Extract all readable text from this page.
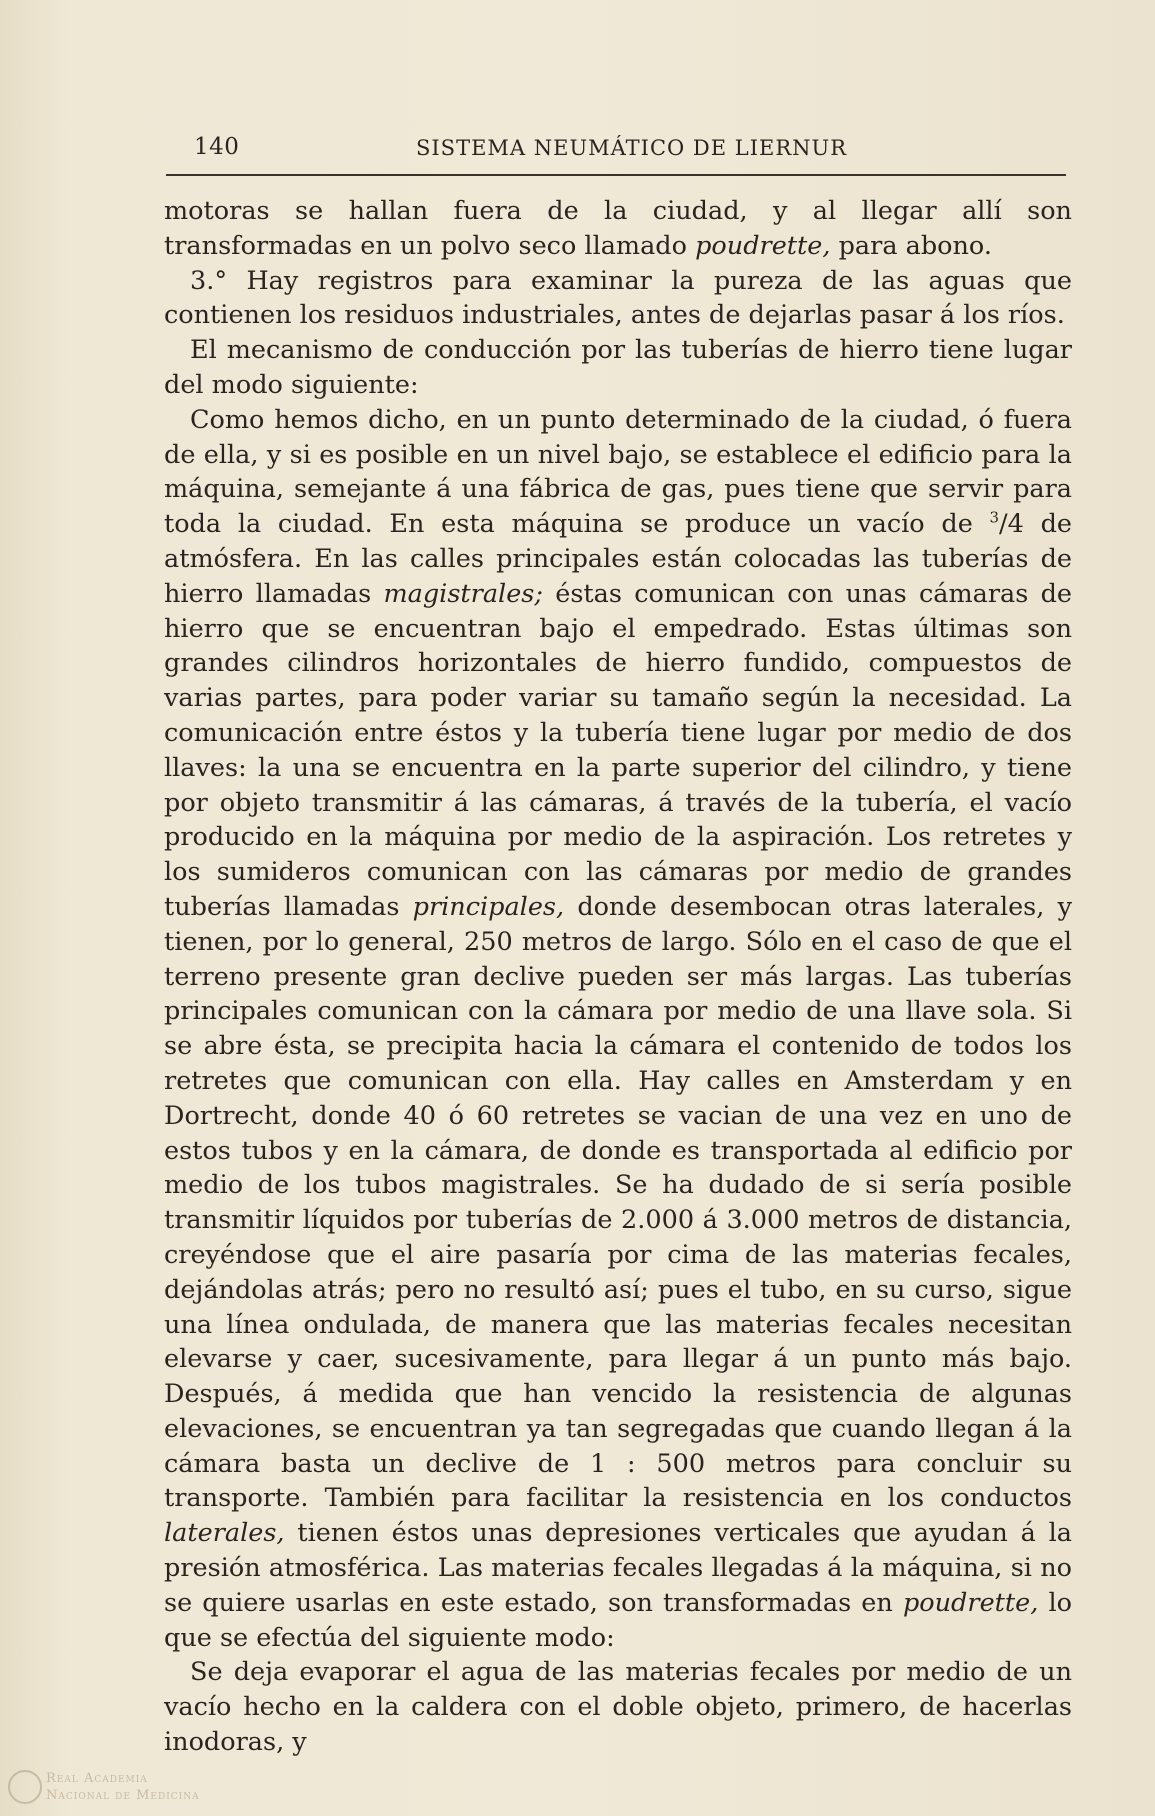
140	SISTEMA NEUMÁTICO DE LIERNUR

motoras se hallan fuera de la ciudad, y al llegar allí son transformadas en un polvo seco llamado poudrette, para abono.

3.° Hay registros para examinar la pureza de las aguas que contienen los residuos industriales, antes de dejarlas pasar á los ríos.

El mecanismo de conducción por las tuberías de hierro tiene lugar del modo siguiente:

Como hemos dicho, en un punto determinado de la ciudad, ó fuera de ella, y si es posible en un nivel bajo, se establece el edificio para la máquina, semejante á una fábrica de gas, pues tiene que servir para toda la ciudad. En esta máquina se produce un vacío de $^3$/4 de atmósfera. En las calles principales están colocadas las tuberías de hierro llamadas magistrales; éstas comunican con unas cámaras de hierro que se encuentran bajo el empedrado. Estas últimas son grandes cilindros horizontales de hierro fundido, compuestos de varias partes, para poder variar su tamaño según la necesidad. La comunicación entre éstos y la tubería tiene lugar por medio de dos llaves: la una se encuentra en la parte superior del cilindro, y tiene por objeto transmitir á las cámaras, á través de la tubería, el vacío producido en la máquina por medio de la aspiración. Los retretes y los sumideros comunican con las cámaras por medio de grandes tuberías llamadas principales, donde desembocan otras laterales, y tienen, por lo general, 250 metros de largo. Sólo en el caso de que el terreno presente gran declive pueden ser más largas. Las tuberías principales comunican con la cámara por medio de una llave sola. Si se abre ésta, se precipita hacia la cámara el contenido de todos los retretes que comunican con ella. Hay calles en Amsterdam y en Dortrecht, donde 40 ó 60 retretes se vacian de una vez en uno de estos tubos y en la cámara, de donde es transportada al edificio por medio de los tubos magistrales. Se ha dudado de si sería posible transmitir líquidos por tuberías de 2.000 á 3.000 metros de distancia, creyéndose que el aire pasaría por cima de las materias fecales, dejándolas atrás; pero no resultó así; pues el tubo, en su curso, sigue una línea ondulada, de manera que las materias fecales necesitan elevarse y caer, sucesivamente, para llegar á un punto más bajo. Después, á medida que han vencido la resistencia de algunas elevaciones, se encuentran ya tan segregadas que cuando llegan á la cámara basta un declive de 1 : 500 metros para concluir su transporte. También para facilitar la resistencia en los conductos laterales, tienen éstos unas depresiones verticales que ayudan á la presión atmosférica. Las materias fecales llegadas á la máquina, si no se quiere usarlas en este estado, son transformadas en poudrette, lo que se efectúa del siguiente modo:

Se deja evaporar el agua de las materias fecales por medio de un vacío hecho en la caldera con el doble objeto, primero, de hacerlas inodoras, y

Real Academia
Nacional de Medicina
